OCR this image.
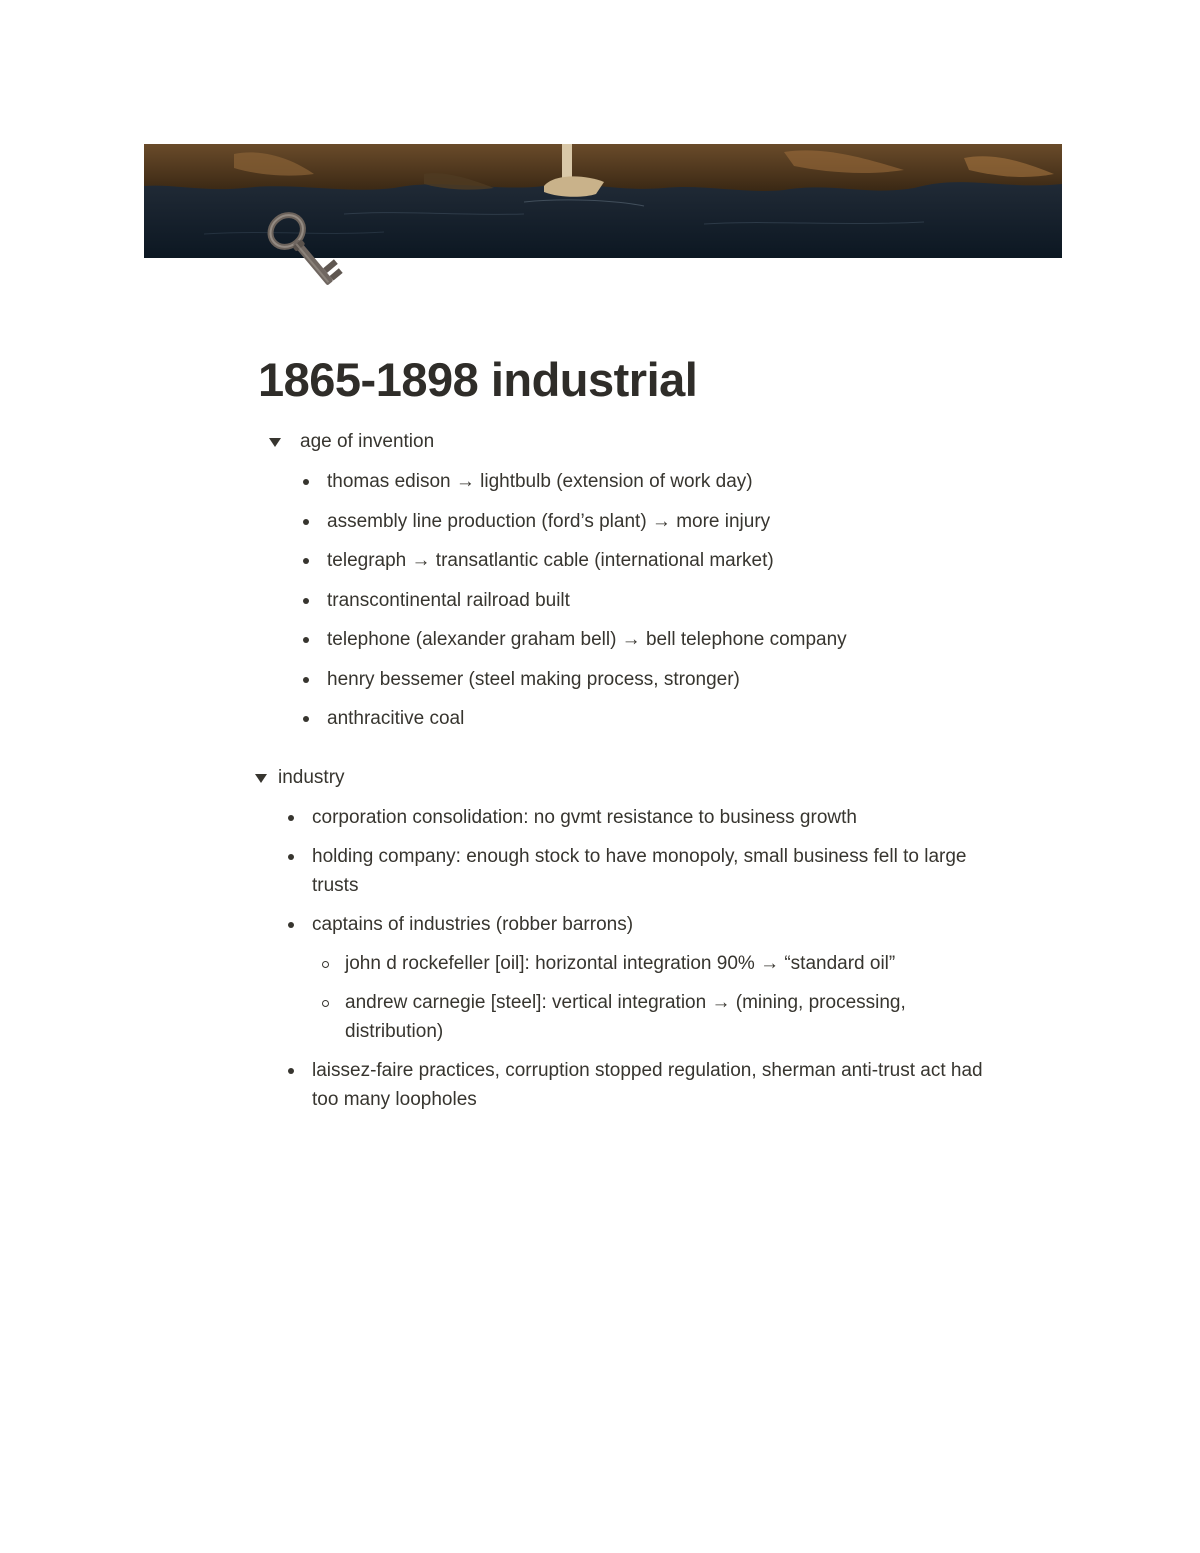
1865-1898 industrial
age of invention
thomas edison → lightbulb (extension of work day)
assembly line production (ford’s plant) → more injury
telegraph → transatlantic cable (international market)
transcontinental railroad built
telephone (alexander graham bell) → bell telephone company
henry bessemer (steel making process, stronger)
anthracitive coal
industry
corporation consolidation: no gvmt resistance to business growth
holding company: enough stock to have monopoly, small business fell to large trusts
captains of industries (robber barrons)
john d rockefeller [oil]: horizontal integration 90% → “standard oil”
andrew carnegie [steel]: vertical integration → (mining, processing, distribution)
laissez-faire practices, corruption stopped regulation, sherman anti-trust act had too many loopholes
